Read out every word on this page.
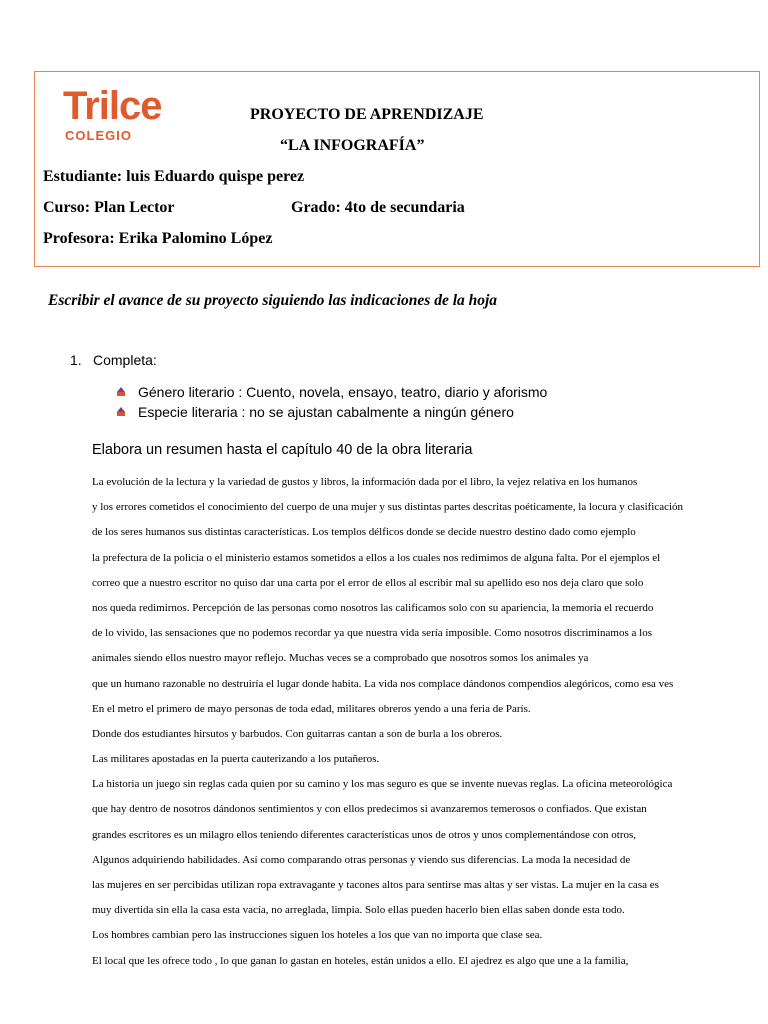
Trilce
COLEGIO
PROYECTO DE APRENDIZAJE
“LA INFOGRAFÍA”
Estudiante: luis Eduardo quispe perez
Curso: Plan Lector	Grado: 4to de secundaria
Profesora: Erika Palomino López
Escribir el avance de su proyecto siguiendo las indicaciones de la hoja
1. Completa:
Género literario : Cuento, novela, ensayo, teatro, diario y aforismo
Especie literaria : no se ajustan cabalmente a ningún género
Elabora un resumen hasta el capítulo 40 de la obra literaria
La evolución de la lectura y la variedad de gustos y libros, la información dada por el libro, la vejez relativa en los humanos
y los errores cometidos el conocimiento del cuerpo de una mujer y sus distintas partes descritas poéticamente, la locura y clasificación
de los seres humanos sus distintas características. Los templos délficos donde se decide nuestro destino dado como ejemplo
la prefectura de la policía o el ministerio estamos sometidos a ellos a los cuales nos redimimos de alguna falta. Por el ejemplos el
correo que a nuestro escritor no quiso dar una carta por el error de ellos al escribir mal su apellido eso nos deja claro que solo
nos queda redimirnos. Percepción de las personas como nosotros las calificamos solo con su apariencia, la memoria el recuerdo
de lo vivido, las sensaciones que no podemos recordar ya que nuestra vida sería imposible. Como nosotros discriminamos a los
animales siendo ellos nuestro mayor reflejo. Muchas veces se a comprobado que nosotros somos los animales ya
que un humano razonable no destruiría el lugar donde habita. La vida nos complace dándonos compendios alegóricos, como esa ves
En el metro el primero de mayo personas de toda edad, militares obreros yendo a una feria de París.
Donde dos estudiantes hirsutos y barbudos. Con guitarras cantan a son de burla a los obreros.
Las militares apostadas en la puerta cauterizando a los putañeros.
La historia un juego sin reglas cada quien por su camino y los mas seguro es que se invente nuevas reglas. La oficina meteorológica
que hay dentro de nosotros dándonos sentimientos y con ellos predecimos si avanzaremos temerosos o confiados. Que existan
grandes escritores es un milagro ellos teniendo diferentes características unos de otros y unos complementándose con otros,
Algunos adquiriendo habilidades. Así como comparando otras personas y viendo sus diferencias. La moda la necesidad de
las mujeres en ser percibidas utilizan ropa extravagante y tacones altos para sentirse mas altas y ser vistas. La mujer en la casa es
muy divertida sin ella la casa esta vacía, no arreglada, limpia. Solo ellas pueden hacerlo bien ellas saben donde esta todo.
Los hombres cambian pero las instrucciones siguen los hoteles a los que van no importa que clase sea.
El local que les ofrece todo , lo que ganan lo gastan en hoteles, están unidos a ello. El ajedrez es algo que une a la familia,
